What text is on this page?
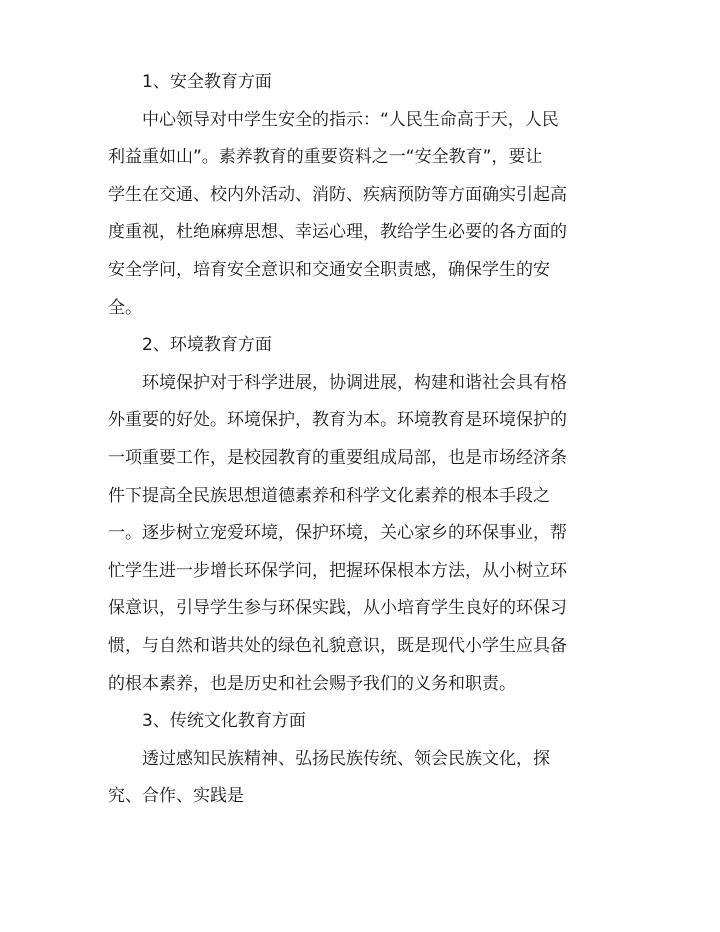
1、安全教育方面
中心领导对中学生安全的指示：“人民生命高于天，人民
利益重如山”。素养教育的重要资料之一“安全教育”，要让
学生在交通、校内外活动、消防、疾病预防等方面确实引起高
度重视，杜绝麻痹思想、幸运心理，教给学生必要的各方面的
安全学问，培育安全意识和交通安全职责感，确保学生的安
全。
2、环境教育方面
环境保护对于科学进展，协调进展，构建和谐社会具有格
外重要的好处。环境保护，教育为本。环境教育是环境保护的
一项重要工作，是校园教育的重要组成局部，也是市场经济条
件下提高全民族思想道德素养和科学文化素养的根本手段之
一。逐步树立宠爱环境，保护环境，关心家乡的环保事业，帮
忙学生进一步增长环保学问，把握环保根本方法，从小树立环
保意识，引导学生参与环保实践，从小培育学生良好的环保习
惯，与自然和谐共处的绿色礼貌意识，既是现代小学生应具备
的根本素养，也是历史和社会赐予我们的义务和职责。
3、传统文化教育方面
透过感知民族精神、弘扬民族传统、领会民族文化，探
究、合作、实践是
